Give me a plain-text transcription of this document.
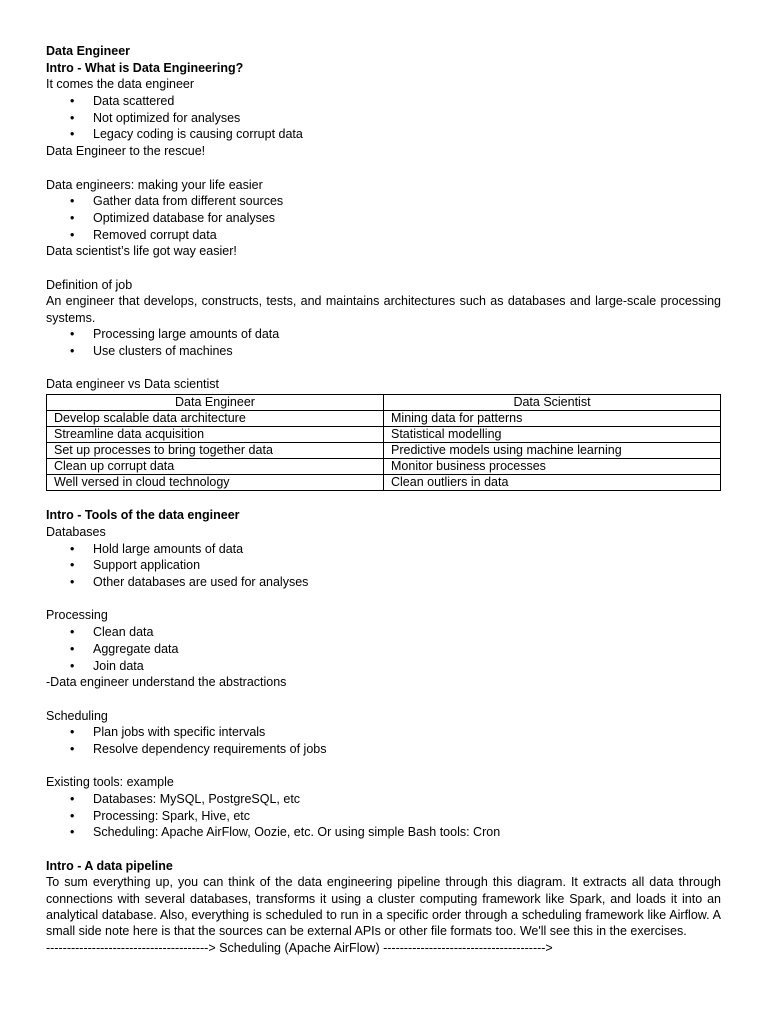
Data Engineer
Intro - What is Data Engineering?
It comes the data engineer
• Data scattered
• Not optimized for analyses
• Legacy coding is causing corrupt data
Data Engineer to the rescue!
Data engineers: making your life easier
• Gather data from different sources
• Optimized database for analyses
• Removed corrupt data
Data scientist’s life got way easier!
Definition of job
An engineer that develops, constructs, tests, and maintains architectures such as databases and large-scale processing systems.
• Processing large amounts of data
• Use clusters of machines
Data engineer vs Data scientist
Data Engineer	Data Scientist
Develop scalable data architecture	Mining data for patterns
Streamline data acquisition	Statistical modelling
Set up processes to bring together data	Predictive models using machine learning
Clean up corrupt data	Monitor business processes
Well versed in cloud technology	Clean outliers in data
Intro - Tools of the data engineer
Databases
• Hold large amounts of data
• Support application
• Other databases are used for analyses
Processing
• Clean data
• Aggregate data
• Join data
-Data engineer understand the abstractions
Scheduling
• Plan jobs with specific intervals
• Resolve dependency requirements of jobs
Existing tools: example
• Databases: MySQL, PostgreSQL, etc
• Processing: Spark, Hive, etc
• Scheduling: Apache AirFlow, Oozie, etc. Or using simple Bash tools: Cron
Intro - A data pipeline
To sum everything up, you can think of the data engineering pipeline through this diagram. It extracts all data through connections with several databases, transforms it using a cluster computing framework like Spark, and loads it into an analytical database. Also, everything is scheduled to run in a specific order through a scheduling framework like Airflow. A small side note here is that the sources can be external APIs or other file formats too. We'll see this in the exercises.
---------------------------------------> Scheduling (Apache AirFlow) --------------------------------------->
